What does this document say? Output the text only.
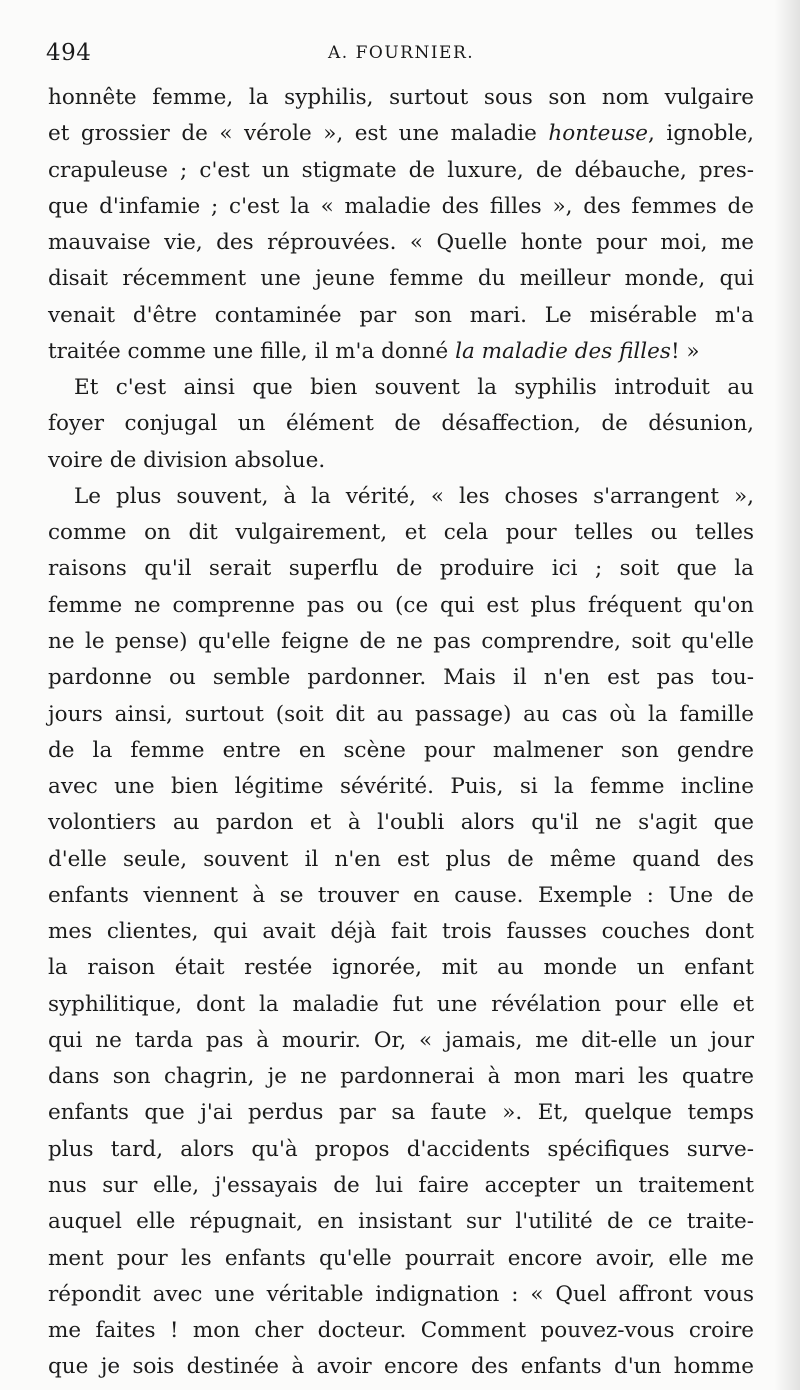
494	A. FOURNIER.
honnête femme, la syphilis, surtout sous son nom vulgaire
et grossier de « vérole », est une maladie honteuse, ignoble,
crapuleuse ; c'est un stigmate de luxure, de débauche, pres-
que d'infamie ; c'est la « maladie des filles », des femmes de
mauvaise vie, des réprouvées. « Quelle honte pour moi, me
disait récemment une jeune femme du meilleur monde, qui
venait d'être contaminée par son mari. Le misérable m'a
traitée comme une fille, il m'a donné la maladie des filles! »
Et c'est ainsi que bien souvent la syphilis introduit au
foyer conjugal un élément de désaffection, de désunion,
voire de division absolue.
Le plus souvent, à la vérité, « les choses s'arrangent »,
comme on dit vulgairement, et cela pour telles ou telles
raisons qu'il serait superflu de produire ici ; soit que la
femme ne comprenne pas ou (ce qui est plus fréquent qu'on
ne le pense) qu'elle feigne de ne pas comprendre, soit qu'elle
pardonne ou semble pardonner. Mais il n'en est pas tou-
jours ainsi, surtout (soit dit au passage) au cas où la famille
de la femme entre en scène pour malmener son gendre
avec une bien légitime sévérité. Puis, si la femme incline
volontiers au pardon et à l'oubli alors qu'il ne s'agit que
d'elle seule, souvent il n'en est plus de même quand des
enfants viennent à se trouver en cause. Exemple : Une de
mes clientes, qui avait déjà fait trois fausses couches dont
la raison était restée ignorée, mit au monde un enfant
syphilitique, dont la maladie fut une révélation pour elle et
qui ne tarda pas à mourir. Or, « jamais, me dit-elle un jour
dans son chagrin, je ne pardonnerai à mon mari les quatre
enfants que j'ai perdus par sa faute ». Et, quelque temps
plus tard, alors qu'à propos d'accidents spécifiques surve-
nus sur elle, j'essayais de lui faire accepter un traitement
auquel elle répugnait, en insistant sur l'utilité de ce traite-
ment pour les enfants qu'elle pourrait encore avoir, elle me
répondit avec une véritable indignation : « Quel affront vous
me faites ! mon cher docteur. Comment pouvez-vous croire
que je sois destinée à avoir encore des enfants d'un homme
